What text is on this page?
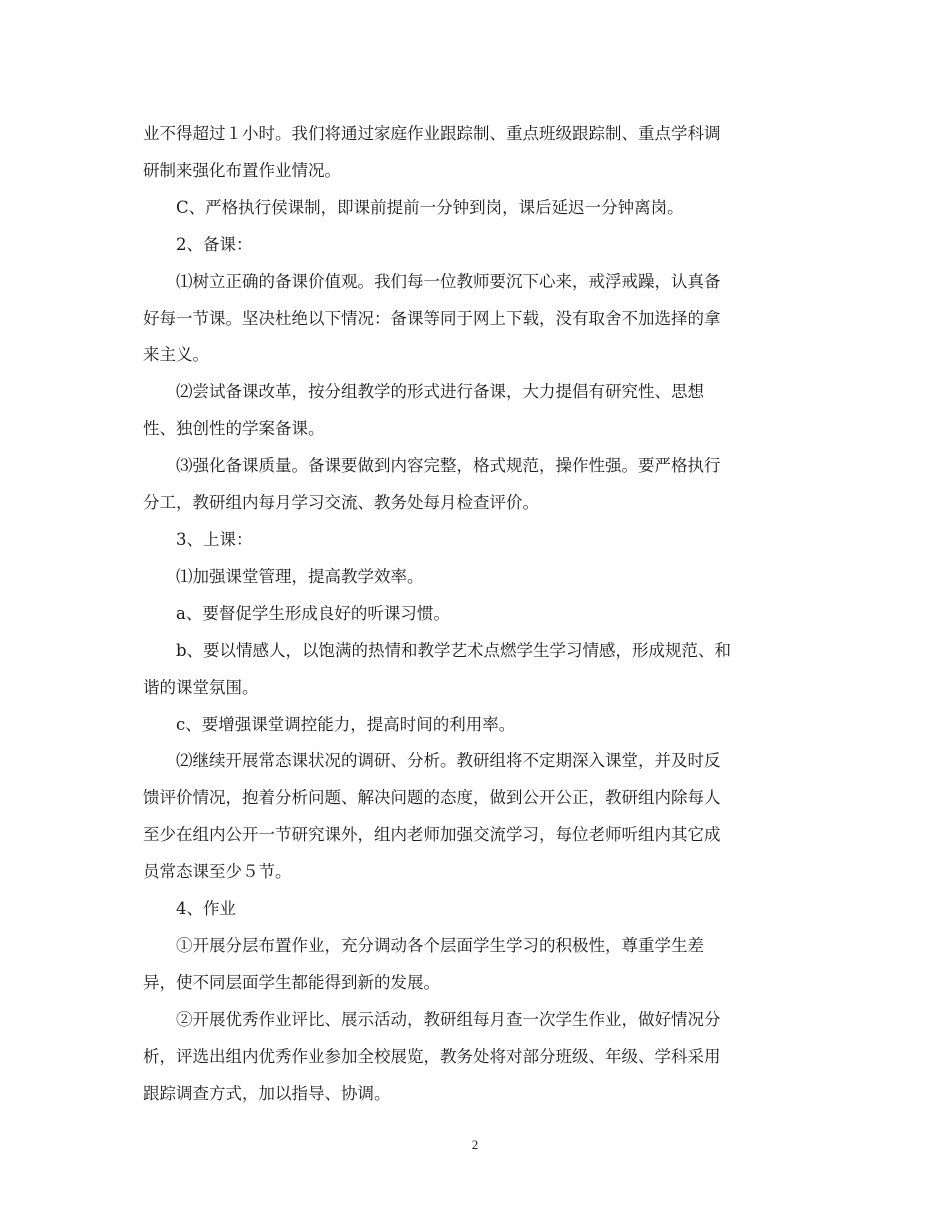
业不得超过１小时。我们将通过家庭作业跟踪制、重点班级跟踪制、重点学科调
研制来强化布置作业情况。

C、严格执行侯课制，即课前提前一分钟到岗，课后延迟一分钟离岗。

2、备课：

⑴树立正确的备课价值观。我们每一位教师要沉下心来，戒浮戒躁，认真备
好每一节课。坚决杜绝以下情况：备课等同于网上下载，没有取舍不加选择的拿
来主义。

⑵尝试备课改革，按分组教学的形式进行备课，大力提倡有研究性、思想
性、独创性的学案备课。

⑶强化备课质量。备课要做到内容完整，格式规范，操作性强。要严格执行
分工，教研组内每月学习交流、教务处每月检查评价。

3、上课：

⑴加强课堂管理，提高教学效率。

a、要督促学生形成良好的听课习惯。

b、要以情感人，以饱满的热情和教学艺术点燃学生学习情感，形成规范、和
谐的课堂氛围。

c、要增强课堂调控能力，提高时间的利用率。

⑵继续开展常态课状况的调研、分析。教研组将不定期深入课堂，并及时反
馈评价情况，抱着分析问题、解决问题的态度，做到公开公正，教研组内除每人
至少在组内公开一节研究课外，组内老师加强交流学习，每位老师听组内其它成
员常态课至少５节。

4、作业

①开展分层布置作业，充分调动各个层面学生学习的积极性，尊重学生差
异，使不同层面学生都能得到新的发展。

②开展优秀作业评比、展示活动，教研组每月查一次学生作业，做好情况分
析，评选出组内优秀作业参加全校展览，教务处将对部分班级、年级、学科采用
跟踪调查方式，加以指导、协调。

2
